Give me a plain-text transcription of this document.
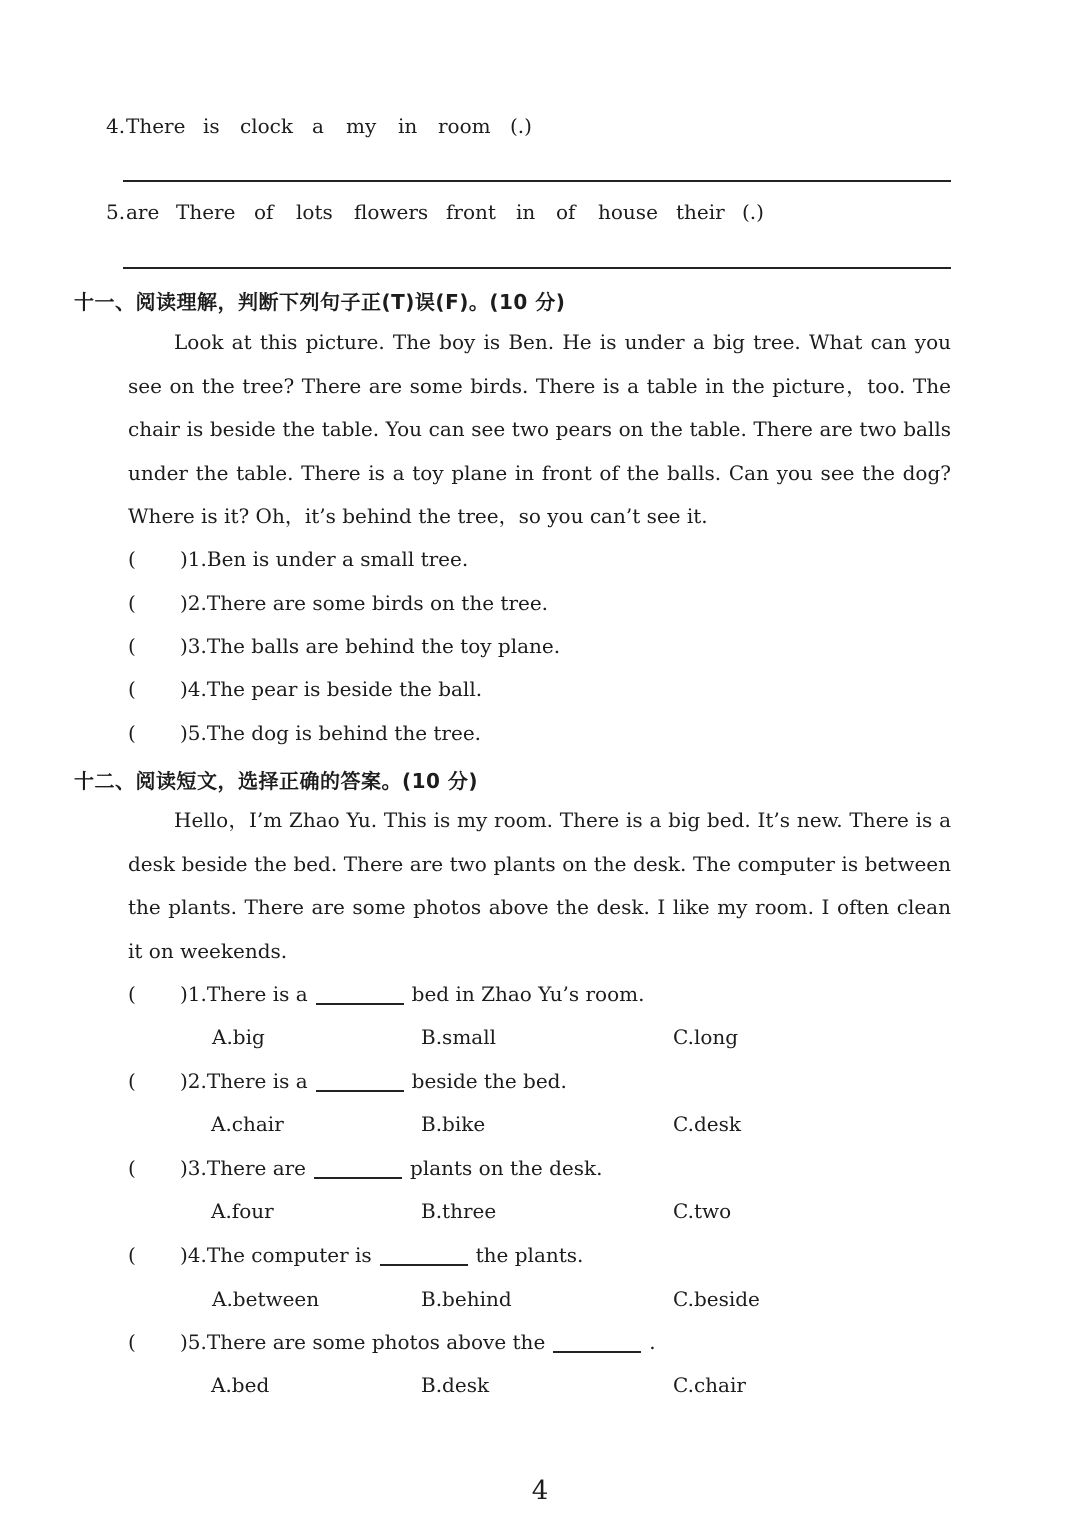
4. There is clock a my in room (.)
5. are There of lots flowers front in of house their (.)
十一、阅读理解，判断下列句子正(T)误(F)。(10 分)
Look at this picture. The boy is Ben. He is under a big tree. What can you see on the tree? There are some birds. There is a table in the picture，too. The chair is beside the table. You can see two pears on the table. There are two balls under the table. There is a toy plane in front of the balls. Can you see the dog? Where is it? Oh，it’s behind the tree，so you can’t see it.
( )1.Ben is under a small tree.
( )2.There are some birds on the tree.
( )3.The balls are behind the toy plane.
( )4.The pear is beside the ball.
( )5.The dog is behind the tree.
十二、阅读短文，选择正确的答案。(10 分)
Hello，I’m Zhao Yu. This is my room. There is a big bed. It’s new. There is a desk beside the bed. There are two plants on the desk. The computer is between the plants. There are some photos above the desk. I like my room. I often clean it on weekends.
( )1.There is a	bed in Zhao Yu’s room.
A.big	B.small	C.long
( )2.There is a	beside the bed.
A.chair	B.bike	C.desk
( )3.There are	plants on the desk.
A.four	B.three	C.two
( )4.The computer is	the plants.
A.between	B.behind	C.beside
( )5.There are some photos above the	.
A.bed	B.desk	C.chair
4
